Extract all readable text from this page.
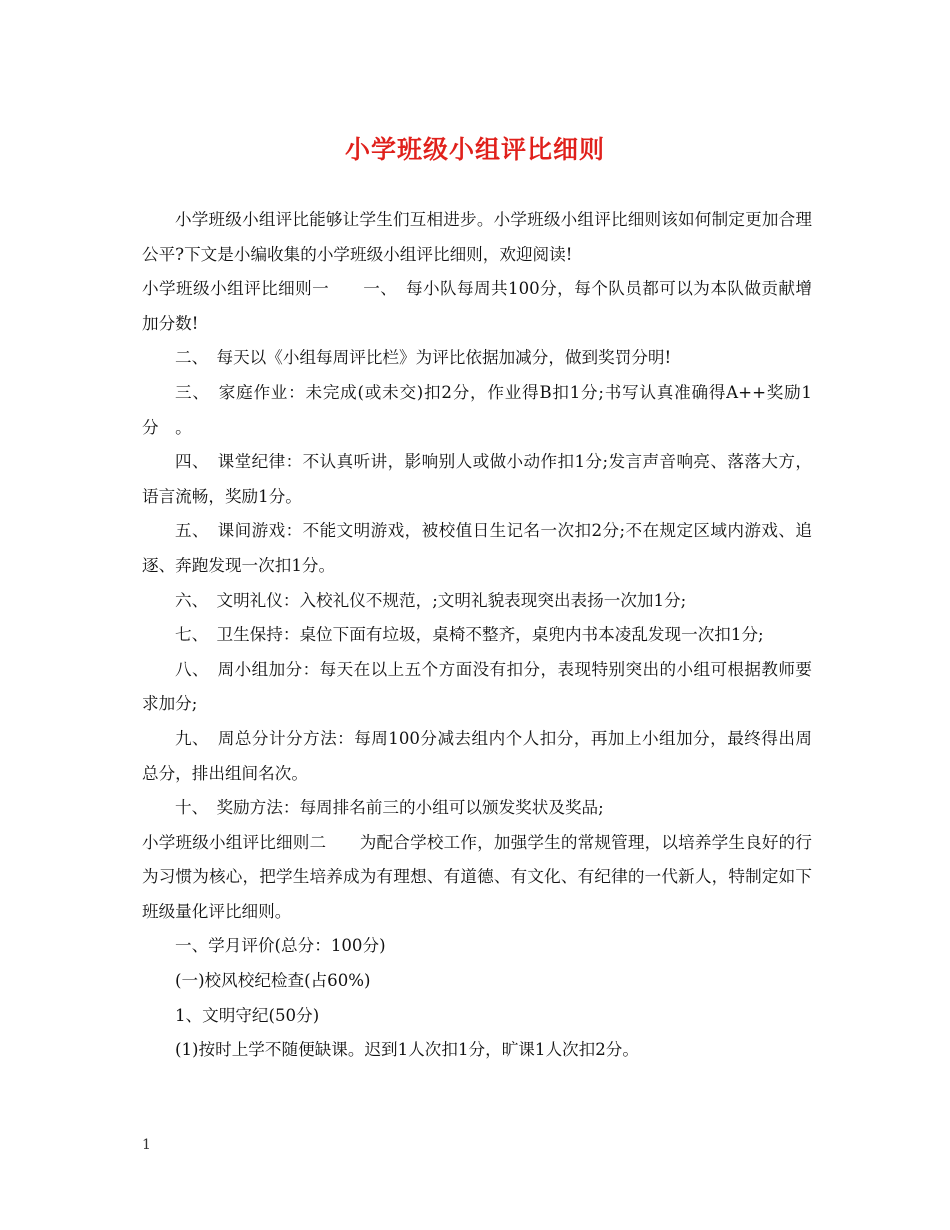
小学班级小组评比细则

小学班级小组评比能够让学生们互相进步。小学班级小组评比细则该如何制定更加合理公平?下文是小编收集的小学班级小组评比细则，欢迎阅读!

小学班级小组评比细则一　　一、　每小队每周共100分，每个队员都可以为本队做贡献增加分数!

二、　每天以《小组每周评比栏》为评比依据加减分，做到奖罚分明!

三、　家庭作业：未完成(或未交)扣2分，作业得B扣1分;书写认真准确得A++奖励1分　。

四、　课堂纪律：不认真听讲，影响别人或做小动作扣1分;发言声音响亮、落落大方，语言流畅，奖励1分。

五、　课间游戏：不能文明游戏，被校值日生记名一次扣2分;不在规定区域内游戏、追逐、奔跑发现一次扣1分。

六、　文明礼仪：入校礼仪不规范，;文明礼貌表现突出表扬一次加1分;

七、　卫生保持：桌位下面有垃圾，桌椅不整齐，桌兜内书本凌乱发现一次扣1分;

八、　周小组加分：每天在以上五个方面没有扣分，表现特别突出的小组可根据教师要求加分;

九、　周总分计分方法：每周100分减去组内个人扣分，再加上小组加分，最终得出周总分，排出组间名次。

十、　奖励方法：每周排名前三的小组可以颁发奖状及奖品;

小学班级小组评比细则二　　为配合学校工作，加强学生的常规管理，以培养学生良好的行为习惯为核心，把学生培养成为有理想、有道德、有文化、有纪律的一代新人，特制定如下班级量化评比细则。

一、学月评价(总分：100分)

(一)校风校纪检查(占60%)

1、文明守纪(50分)

(1)按时上学不随便缺课。迟到1人次扣1分，旷课1人次扣2分。

1
